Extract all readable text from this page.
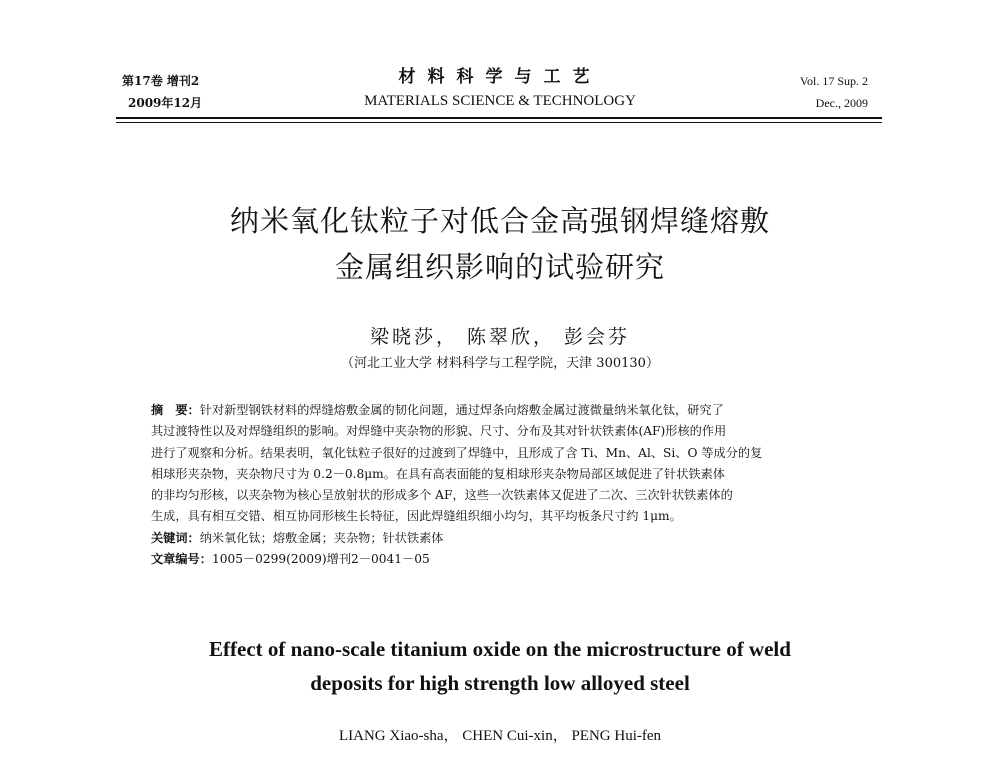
第17卷 增刊2
2009年12月
材料科学与工艺
MATERIALS SCIENCE & TECHNOLOGY
Vol. 17 Sup. 2
Dec., 2009
纳米氧化钛粒子对低合金高强钢焊缝熔敷
金属组织影响的试验研究
梁晓莎， 陈翠欣， 彭会芬
（河北工业大学 材料科学与工程学院，天津 300130）
摘　要：针对新型钢铁材料的焊缝熔敷金属的韧化问题，通过焊条向熔敷金属过渡微量纳米氧化钛，研究了
其过渡特性以及对焊缝组织的影响。对焊缝中夹杂物的形貌、尺寸、分布及其对针状铁素体(AF)形核的作用
进行了观察和分析。结果表明，氧化钛粒子很好的过渡到了焊缝中，且形成了含 Ti、Mn、Al、Si、O 等成分的复
相球形夹杂物，夹杂物尺寸为 0.2－0.8μm。在具有高表面能的复相球形夹杂物局部区域促进了针状铁素体
的非均匀形核，以夹杂物为核心呈放射状的形成多个 AF，这些一次铁素体又促进了二次、三次针状铁素体的
生成，具有相互交错、相互协同形核生长特征，因此焊缝组织细小均匀，其平均板条尺寸约 1μm。
关键词：纳米氧化钛；熔敷金属；夹杂物；针状铁素体
文章编号：1005－0299(2009)增刊2－0041－05
Effect of nano-scale titanium oxide on the microstructure of weld
deposits for high strength low alloyed steel
LIANG Xiao-sha， CHEN Cui-xin， PENG Hui-fen
